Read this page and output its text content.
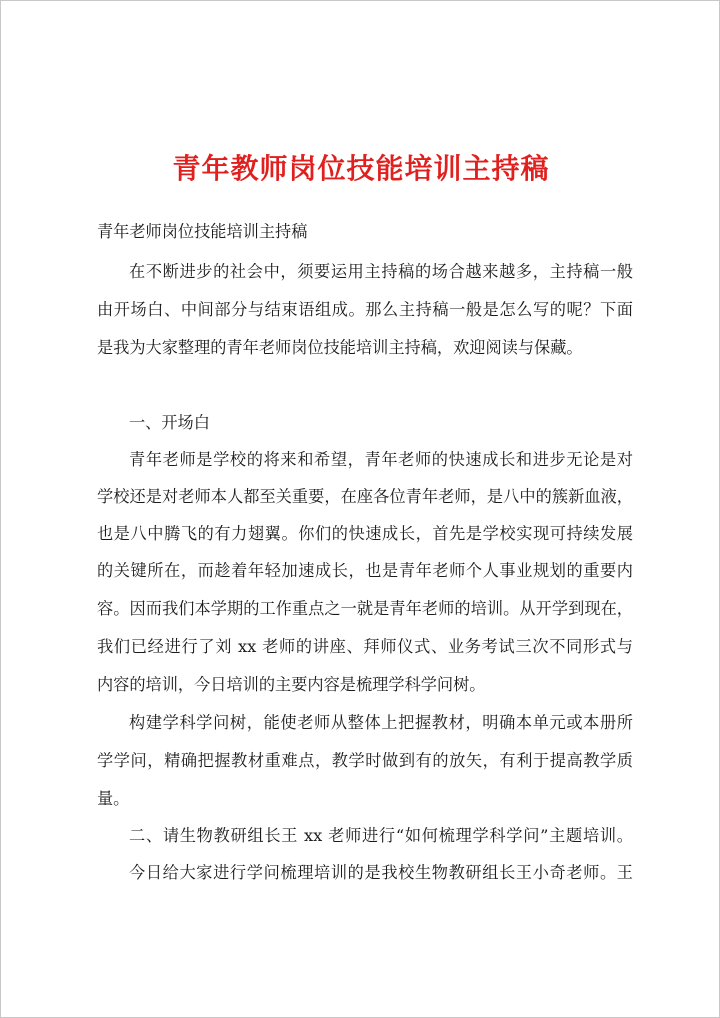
青年教师岗位技能培训主持稿
青年老师岗位技能培训主持稿
在不断进步的社会中，须要运用主持稿的场合越来越多，主持稿一般
由开场白、中间部分与结束语组成。那么主持稿一般是怎么写的呢？下面
是我为大家整理的青年老师岗位技能培训主持稿，欢迎阅读与保藏。
一、开场白
青年老师是学校的将来和希望，青年老师的快速成长和进步无论是对
学校还是对老师本人都至关重要，在座各位青年老师，是八中的簇新血液，
也是八中腾飞的有力翅翼。你们的快速成长，首先是学校实现可持续发展
的关键所在，而趁着年轻加速成长，也是青年老师个人事业规划的重要内
容。因而我们本学期的工作重点之一就是青年老师的培训。从开学到现在，
我们已经进行了刘 xx 老师的讲座、拜师仪式、业务考试三次不同形式与
内容的培训，今日培训的主要内容是梳理学科学问树。
构建学科学问树，能使老师从整体上把握教材，明确本单元或本册所
学学问，精确把握教材重难点，教学时做到有的放矢，有利于提高教学质
量。
二、请生物教研组长王 xx 老师进行“如何梳理学科学问”主题培训。
今日给大家进行学问梳理培训的是我校生物教研组长王小奇老师。王
